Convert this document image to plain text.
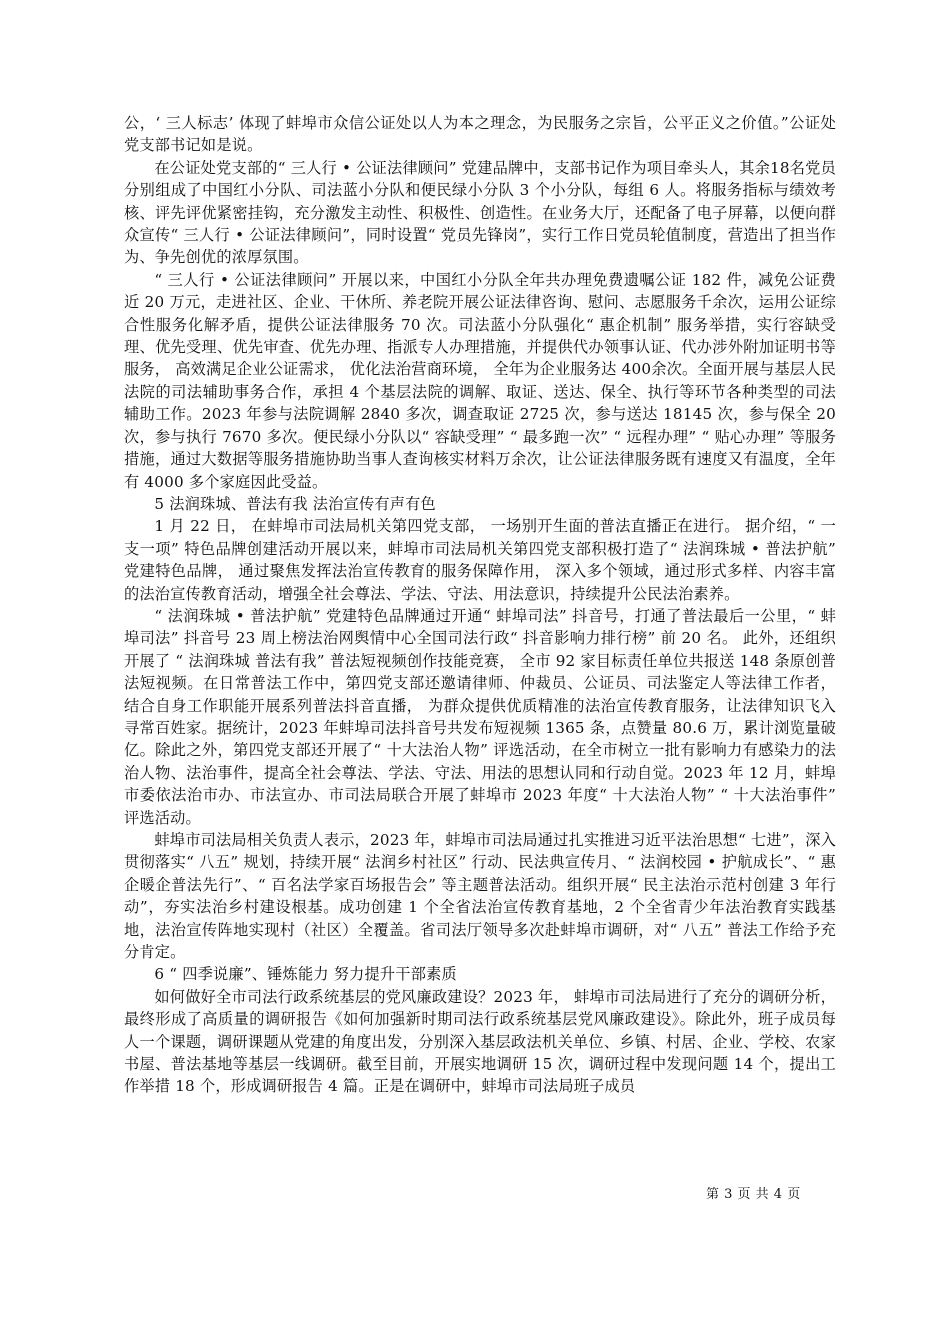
公，‘ 三人标志’ 体现了蚌埠市众信公证处以人为本之理念，为民服务之宗旨，公平正义之价值。”公证处党支部书记如是说。

在公证处党支部的“ 三人行 • 公证法律顾问” 党建品牌中，支部书记作为项目牵头人，其余18名党员分别组成了中国红小分队、司法蓝小分队和便民绿小分队 3 个小分队，每组 6 人。将服务指标与绩效考核、评先评优紧密挂钩，充分激发主动性、积极性、创造性。在业务大厅，还配备了电子屏幕，以便向群众宣传“ 三人行 • 公证法律顾问”，同时设置“ 党员先锋岗”，实行工作日党员轮值制度，营造出了担当作为、争先创优的浓厚氛围。

“ 三人行 • 公证法律顾问” 开展以来，中国红小分队全年共办理免费遗嘱公证 182 件，减免公证费近 20 万元，走进社区、企业、干休所、养老院开展公证法律咨询、慰问、志愿服务千余次，运用公证综合性服务化解矛盾，提供公证法律服务 70 次。司法蓝小分队强化“ 惠企机制” 服务举措，实行容缺受理、优先受理、优先审查、优先办理、指派专人办理措施，并提供代办领事认证、代办涉外附加证明书等服务， 高效满足企业公证需求， 优化法治营商环境， 全年为企业服务达 400余次。全面开展与基层人民法院的司法辅助事务合作，承担 4 个基层法院的调解、取证、送达、保全、执行等环节各种类型的司法辅助工作。2023 年参与法院调解 2840 多次，调查取证 2725 次，参与送达 18145 次，参与保全 20 次，参与执行 7670 多次。便民绿小分队以“ 容缺受理” “ 最多跑一次” “ 远程办理” “ 贴心办理” 等服务措施，通过大数据等服务措施协助当事人查询核实材料万余次，让公证法律服务既有速度又有温度，全年有 4000 多个家庭因此受益。

5 法润珠城、普法有我 法治宣传有声有色

1 月 22 日， 在蚌埠市司法局机关第四党支部， 一场别开生面的普法直播正在进行。 据介绍，“ 一支一项” 特色品牌创建活动开展以来，蚌埠市司法局机关第四党支部积极打造了“ 法润珠城 • 普法护航” 党建特色品牌， 通过聚焦发挥法治宣传教育的服务保障作用， 深入多个领域，通过形式多样、内容丰富的法治宣传教育活动，增强全社会尊法、学法、守法、用法意识，持续提升公民法治素养。

“ 法润珠城 • 普法护航” 党建特色品牌通过开通“ 蚌埠司法” 抖音号，打通了普法最后一公里，“ 蚌埠司法” 抖音号 23 周上榜法治网舆情中心全国司法行政“ 抖音影响力排行榜” 前 20 名。 此外，还组织开展了 “ 法润珠城 普法有我” 普法短视频创作技能竞赛， 全市 92 家目标责任单位共报送 148 条原创普法短视频。在日常普法工作中，第四党支部还邀请律师、仲裁员、公证员、司法鉴定人等法律工作者， 结合自身工作职能开展系列普法抖音直播， 为群众提供优质精准的法治宣传教育服务，让法律知识飞入寻常百姓家。据统计，2023 年蚌埠司法抖音号共发布短视频 1365 条，点赞量 80.6 万，累计浏览量破亿。除此之外，第四党支部还开展了“ 十大法治人物” 评选活动，在全市树立一批有影响力有感染力的法治人物、法治事件，提高全社会尊法、学法、守法、用法的思想认同和行动自觉。2023 年 12 月，蚌埠市委依法治市办、市法宣办、市司法局联合开展了蚌埠市 2023 年度“ 十大法治人物” “ 十大法治事件” 评选活动。

蚌埠市司法局相关负责人表示，2023 年，蚌埠市司法局通过扎实推进习近平法治思想“ 七进”，深入贯彻落实“ 八五” 规划，持续开展“ 法润乡村社区” 行动、民法典宣传月、“ 法润校园 • 护航成长”、“ 惠企暖企普法先行”、“ 百名法学家百场报告会” 等主题普法活动。组织开展“ 民主法治示范村创建 3 年行动”，夯实法治乡村建设根基。成功创建 1 个全省法治宣传教育基地，2 个全省青少年法治教育实践基地，法治宣传阵地实现村（社区）全覆盖。省司法厅领导多次赴蚌埠市调研，对“ 八五” 普法工作给予充分肯定。

6 “ 四季说廉”、锤炼能力 努力提升干部素质

如何做好全市司法行政系统基层的党风廉政建设？2023 年， 蚌埠市司法局进行了充分的调研分析，最终形成了高质量的调研报告《如何加强新时期司法行政系统基层党风廉政建设》。除此外，班子成员每人一个课题，调研课题从党建的角度出发，分别深入基层政法机关单位、乡镇、村居、企业、学校、农家书屋、普法基地等基层一线调研。截至目前，开展实地调研 15 次，调研过程中发现问题 14 个，提出工作举措 18 个，形成调研报告 4 篇。正是在调研中，蚌埠市司法局班子成员

第 3 页 共 4 页
